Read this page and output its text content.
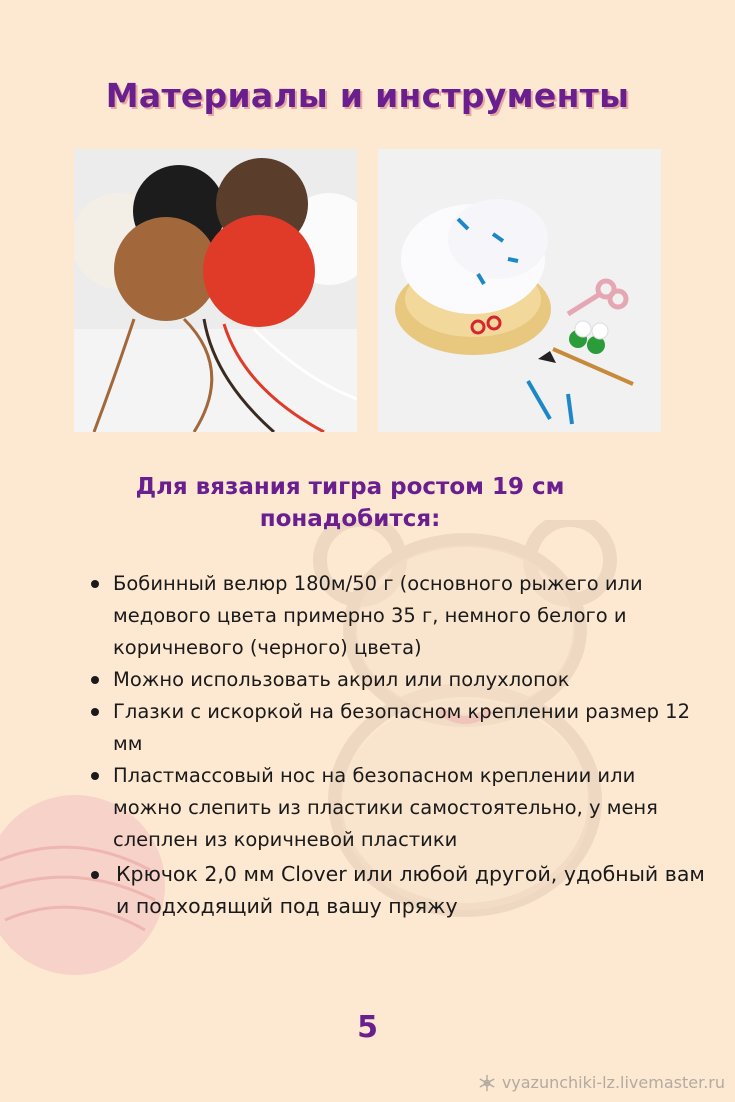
Материалы и инструменты
Для вязания тигра ростом 19 см
понадобится:
Бобинный велюр 180м/50 г (основного рыжего или медового цвета примерно 35 г, немного белого и коричневого (черного) цвета)
Можно использовать акрил или полухлопок
Глазки с искоркой на безопасном креплении размер 12 мм
Пластмассовый нос на безопасном креплении или можно слепить из пластики самостоятельно, у меня слеплен из коричневой пластики
Крючок 2,0 мм Clover или любой другой, удобный вам и подходящий под вашу пряжу
5
vyazunchiki-lz.livemaster.ru
